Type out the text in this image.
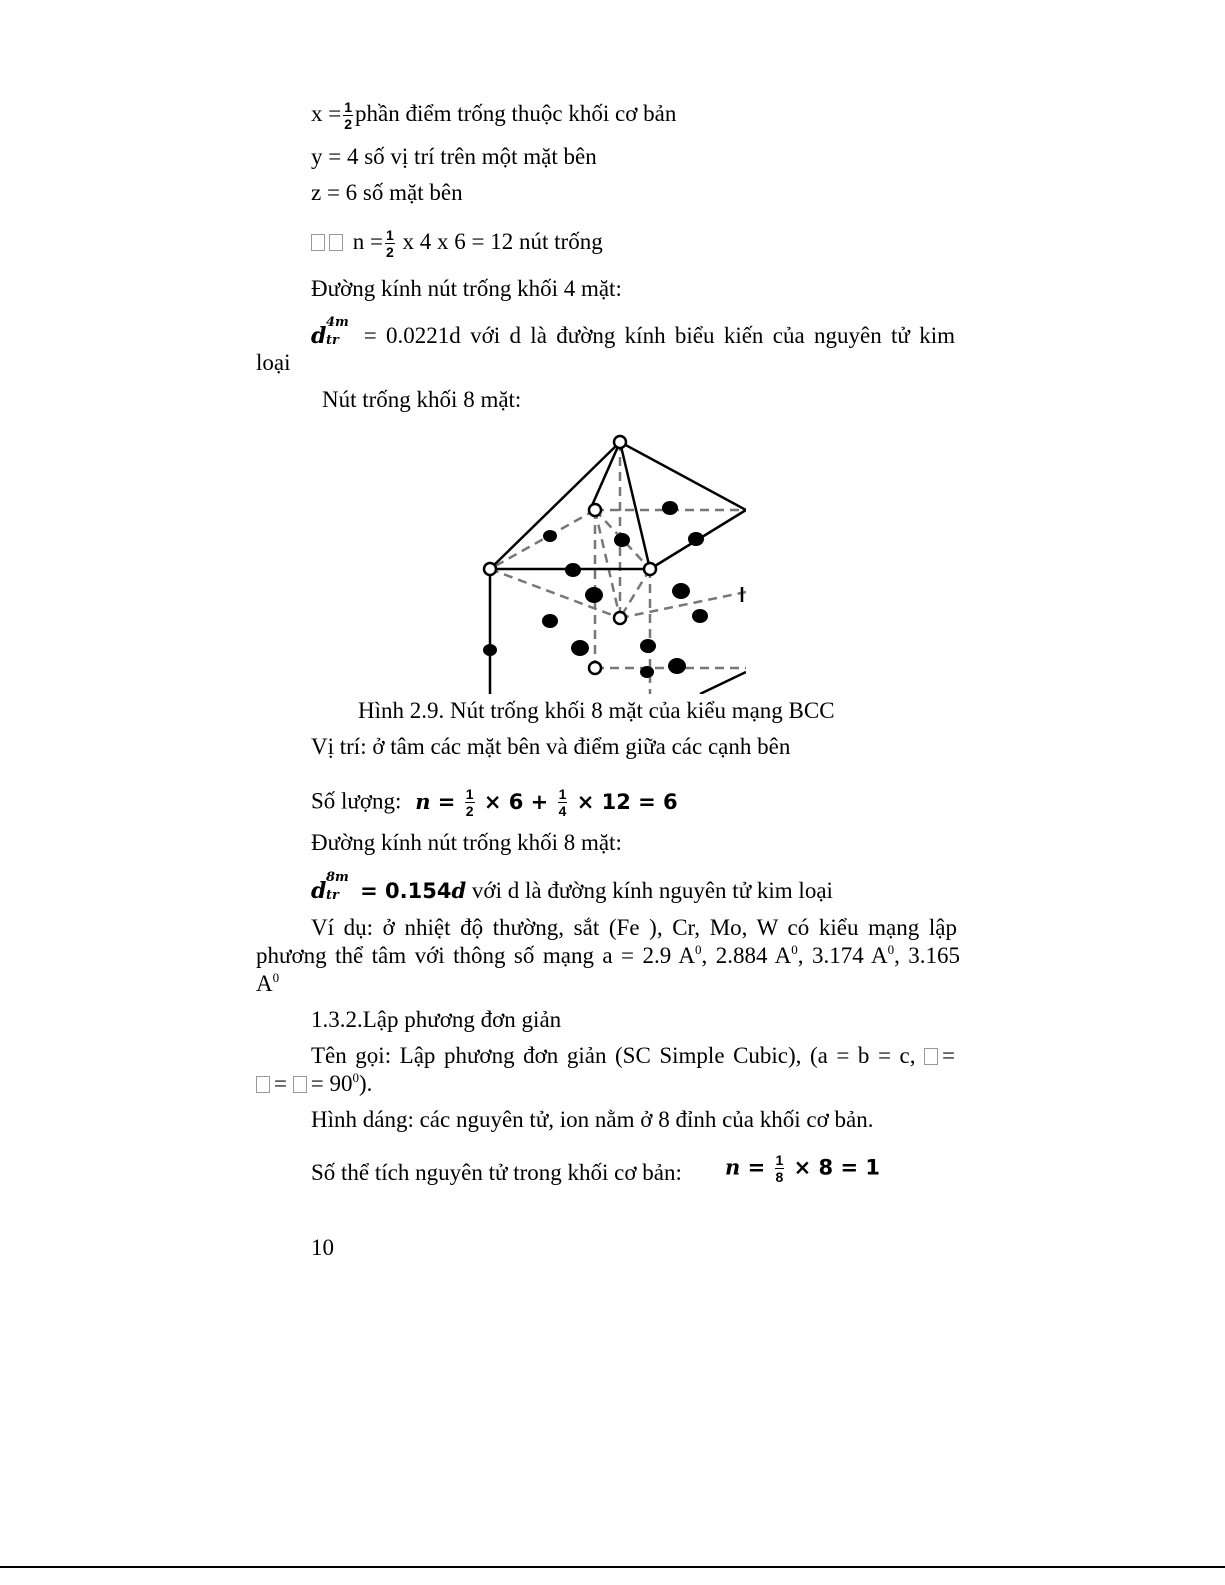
$x = \frac{1}{2}$ phần điểm trống thuộc khối cơ bản
y = 4 số vị trí trên một mặt bên
z = 6 số mặt bên
$n = \frac{1}{2}$ x 4 x 6 = 12 nút trống
Đường kính nút trống khối 4 mặt:
d
4m
tr = 0.0221d với d là đường kính biểu kiến của nguyên tử kim
loại
Nút trống khối 8 mặt:
Hình 2.9. Nút trống khối 8 mặt của kiểu mạng BCC
Vị trí: ở tâm các mặt bên và điểm giữa các cạnh bên
Số lượng: $n = \frac{1}{2} \times 6 + \frac{1}{4} \times 12 = 6$
Đường kính nút trống khối 8 mặt:
d
8m
tr = 0.154d với d là đường kính nguyên tử kim loại
Ví dụ: ở nhiệt độ thường, sắt (Fe ), Cr, Mo, W có kiểu mạng lập
phương thể tâm với thông số mạng a = 2.9 $A^0$, 2.884 $A^0$, 3.174 $A^0$, 3.165
$A^0$
1.3.2.Lập phương đơn giản
Tên gọi: Lập phương đơn giản (SC Simple Cubic), (a = b = c, =
= = $90^0$).
Hình dáng: các nguyên tử, ion nằm ở 8 đỉnh của khối cơ bản.
Số thể tích nguyên tử trong khối cơ bản: $n = \frac{1}{8} \times 8 = 1$
10
